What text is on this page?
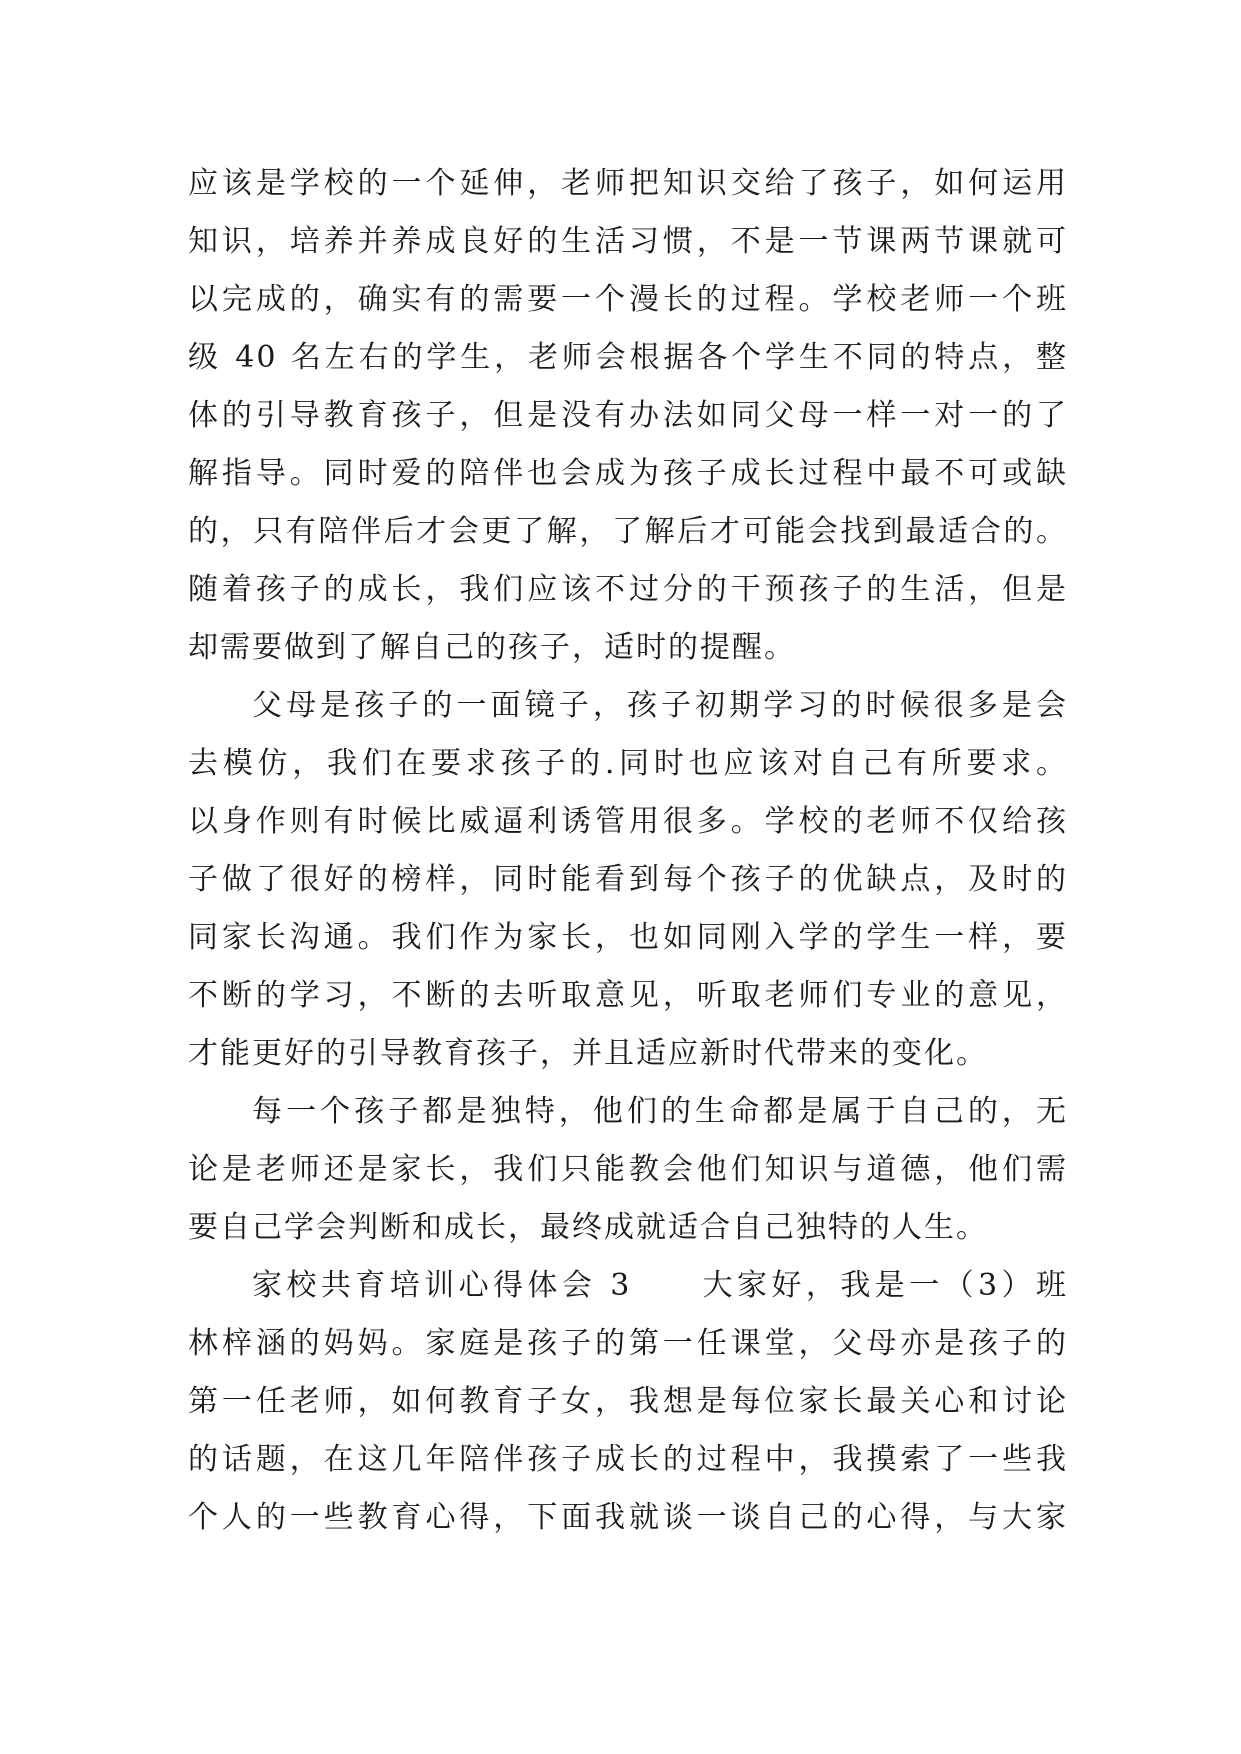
应该是学校的一个延伸，老师把知识交给了孩子，如何运用
知识，培养并养成良好的生活习惯，不是一节课两节课就可
以完成的，确实有的需要一个漫长的过程。学校老师一个班
级 40 名左右的学生，老师会根据各个学生不同的特点，整
体的引导教育孩子，但是没有办法如同父母一样一对一的了
解指导。同时爱的陪伴也会成为孩子成长过程中最不可或缺
的，只有陪伴后才会更了解，了解后才可能会找到最适合的。
随着孩子的成长，我们应该不过分的干预孩子的生活，但是
却需要做到了解自己的孩子，适时的提醒。
父母是孩子的一面镜子，孩子初期学习的时候很多是会
去模仿，我们在要求孩子的.同时也应该对自己有所要求。
以身作则有时候比威逼利诱管用很多。学校的老师不仅给孩
子做了很好的榜样，同时能看到每个孩子的优缺点，及时的
同家长沟通。我们作为家长，也如同刚入学的学生一样，要
不断的学习，不断的去听取意见，听取老师们专业的意见，
才能更好的引导教育孩子，并且适应新时代带来的变化。
每一个孩子都是独特，他们的生命都是属于自己的，无
论是老师还是家长，我们只能教会他们知识与道德，他们需
要自己学会判断和成长，最终成就适合自己独特的人生。
家校共育培训心得体会 3　　大家好，我是一（3）班
林梓涵的妈妈。家庭是孩子的第一任课堂，父母亦是孩子的
第一任老师，如何教育子女，我想是每位家长最关心和讨论
的话题，在这几年陪伴孩子成长的过程中，我摸索了一些我
个人的一些教育心得，下面我就谈一谈自己的心得，与大家
